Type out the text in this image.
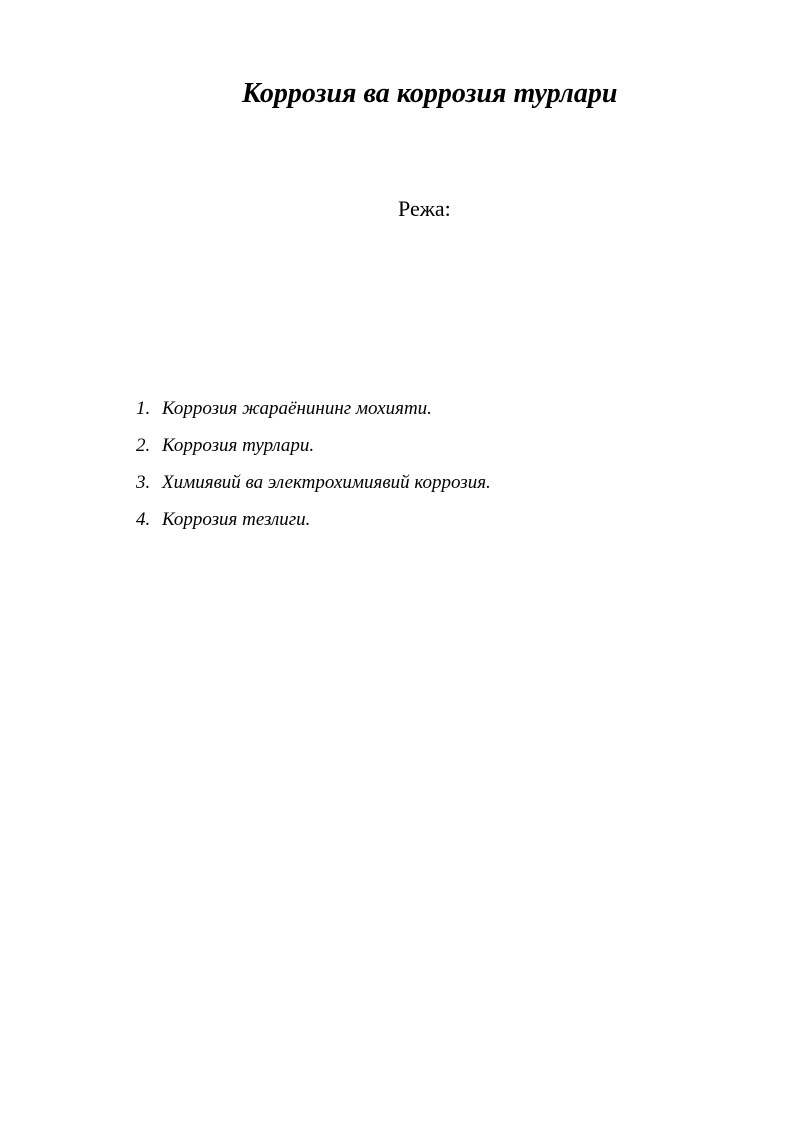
Коррозия ва коррозия турлари
Режа:
1. Коррозия жараёнининг мохияти.
2. Коррозия турлари.
3. Химиявий ва электрохимиявий коррозия.
4. Коррозия тезлиги.
